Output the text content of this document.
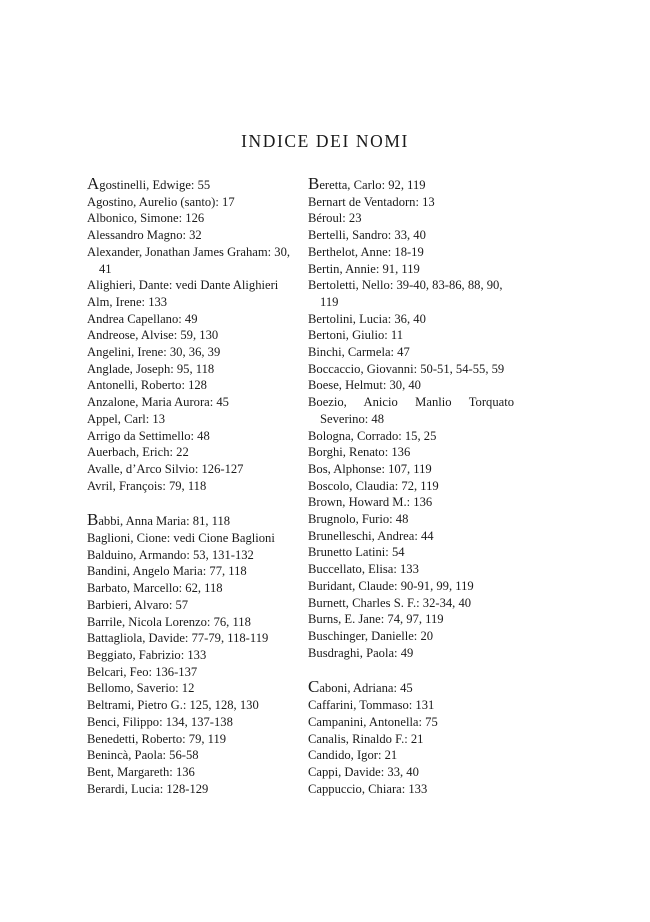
INDICE DEI NOMI
Agostinelli, Edwige: 55
Agostino, Aurelio (santo): 17
Albonico, Simone: 126
Alessandro Magno: 32
Alexander, Jonathan James Graham: 30, 41
Alighieri, Dante: vedi Dante Alighieri
Alm, Irene: 133
Andrea Capellano: 49
Andreose, Alvise: 59, 130
Angelini, Irene: 30, 36, 39
Anglade, Joseph: 95, 118
Antonelli, Roberto: 128
Anzalone, Maria Aurora: 45
Appel, Carl: 13
Arrigo da Settimello: 48
Auerbach, Erich: 22
Avalle, d’Arco Silvio: 126-127
Avril, François: 79, 118
Babbi, Anna Maria: 81, 118
Baglioni, Cione: vedi Cione Baglioni
Balduino, Armando: 53, 131-132
Bandini, Angelo Maria: 77, 118
Barbato, Marcello: 62, 118
Barbieri, Alvaro: 57
Barrile, Nicola Lorenzo: 76, 118
Battagliola, Davide: 77-79, 118-119
Beggiato, Fabrizio: 133
Belcari, Feo: 136-137
Bellomo, Saverio: 12
Beltrami, Pietro G.: 125, 128, 130
Benci, Filippo: 134, 137-138
Benedetti, Roberto: 79, 119
Benincà, Paola: 56-58
Bent, Margareth: 136
Berardi, Lucia: 128-129
Beretta, Carlo: 92, 119
Bernart de Ventadorn: 13
Béroul: 23
Bertelli, Sandro: 33, 40
Berthelot, Anne: 18-19
Bertin, Annie: 91, 119
Bertoletti, Nello: 39-40, 83-86, 88, 90, 119
Bertolini, Lucia: 36, 40
Bertoni, Giulio: 11
Binchi, Carmela: 47
Boccaccio, Giovanni: 50-51, 54-55, 59
Boese, Helmut: 30, 40
Boezio, Anicio Manlio Torquato Severino: 48
Bologna, Corrado: 15, 25
Borghi, Renato: 136
Bos, Alphonse: 107, 119
Boscolo, Claudia: 72, 119
Brown, Howard M.: 136
Brugnolo, Furio: 48
Brunelleschi, Andrea: 44
Brunetto Latini: 54
Buccellato, Elisa: 133
Buridant, Claude: 90-91, 99, 119
Burnett, Charles S. F.: 32-34, 40
Burns, E. Jane: 74, 97, 119
Buschinger, Danielle: 20
Busdraghi, Paola: 49
Caboni, Adriana: 45
Caffarini, Tommaso: 131
Campanini, Antonella: 75
Canalis, Rinaldo F.: 21
Candido, Igor: 21
Cappi, Davide: 33, 40
Cappuccio, Chiara: 133
